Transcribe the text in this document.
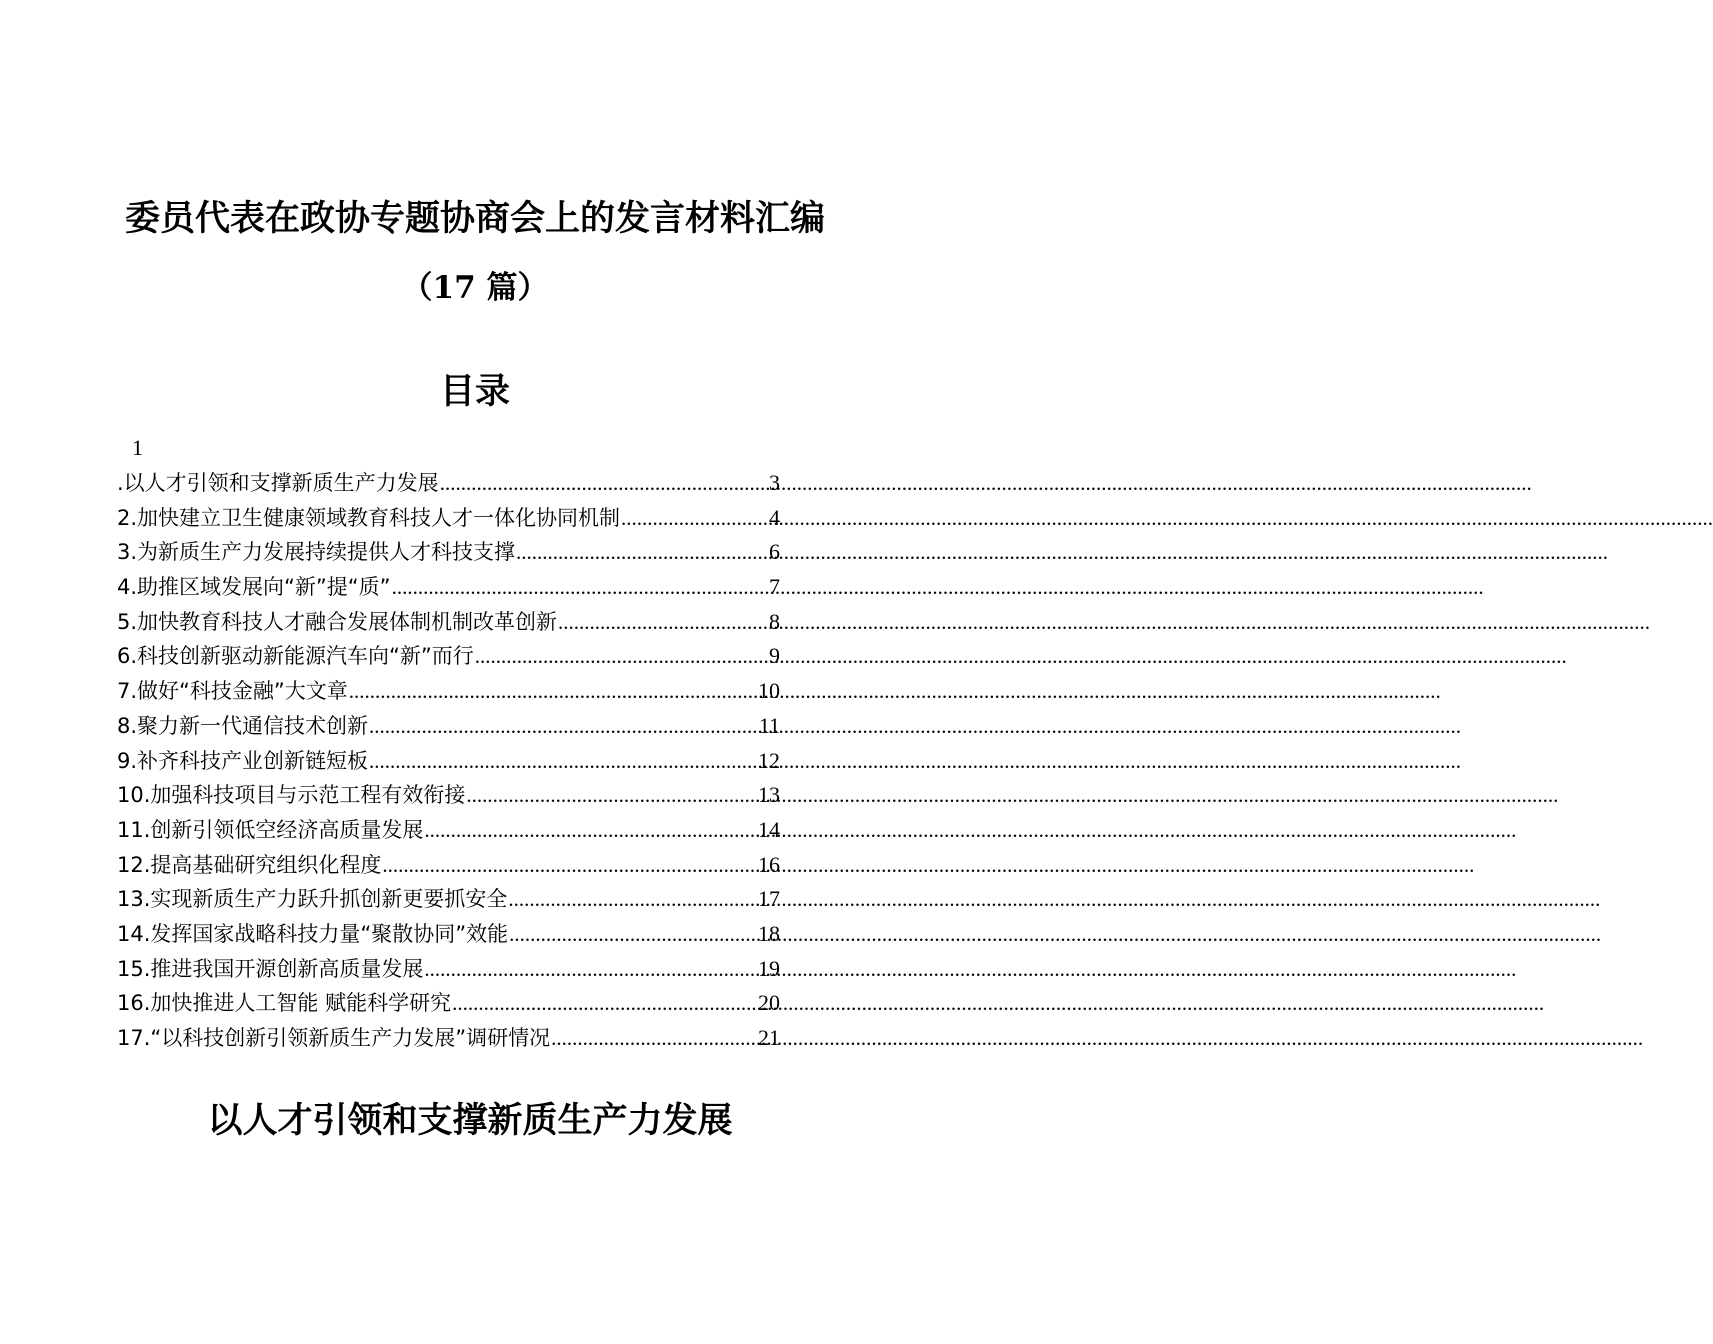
委员代表在政协专题协商会上的发言材料汇编
（17 篇）
目录
1
.以人才引领和支撑新质生产力发展 .....	3
2.加快建立卫生健康领域教育科技人才一体化协同机制 .....	4
3.为新质生产力发展持续提供人才科技支撑 .....	6
4.助推区域发展向“新”提“质” .....	7
5.加快教育科技人才融合发展体制机制改革创新 .....	8
6.科技创新驱动新能源汽车向“新”而行 .....	9
7.做好“科技金融”大文章 .....	10
8.聚力新一代通信技术创新 .....	11
9.补齐科技产业创新链短板 .....	12
10.加强科技项目与示范工程有效衔接 .....	13
11.创新引领低空经济高质量发展 .....	14
12.提高基础研究组织化程度 .....	16
13.实现新质生产力跃升抓创新更要抓安全 .....	17
14.发挥国家战略科技力量“聚散协同”效能 .....	18
15.推进我国开源创新高质量发展 .....	19
16.加快推进人工智能 赋能科学研究 .....	20
17.“以科技创新引领新质生产力发展”调研情况 .....	21
以人才引领和支撑新质生产力发展
